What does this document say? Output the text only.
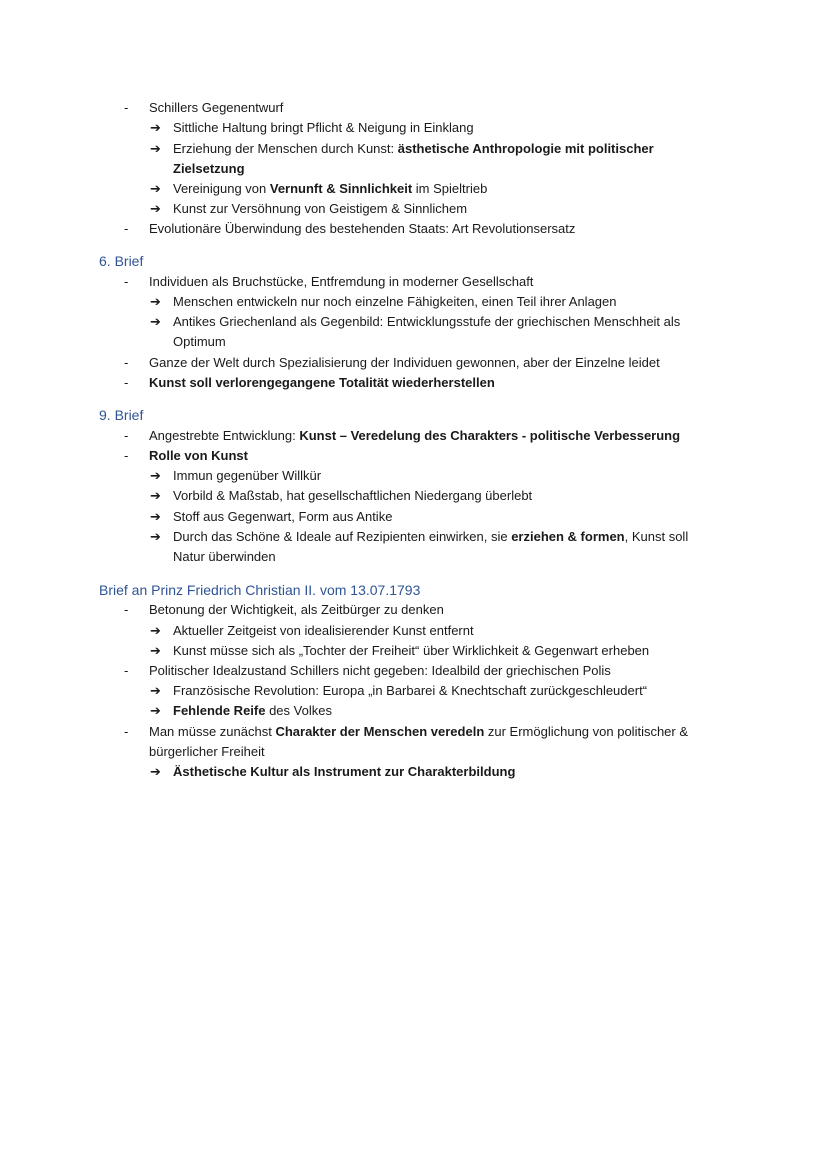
- Schillers Gegenentwurf
➔ Sittliche Haltung bringt Pflicht & Neigung in Einklang
➔ Erziehung der Menschen durch Kunst: ästhetische Anthropologie mit politischer
Zielsetzung
➔ Vereinigung von Vernunft & Sinnlichkeit im Spieltrieb
➔ Kunst zur Versöhnung von Geistigem & Sinnlichem
- Evolutionäre Überwindung des bestehenden Staats: Art Revolutionsersatz
6. Brief
- Individuen als Bruchstücke, Entfremdung in moderner Gesellschaft
➔ Menschen entwickeln nur noch einzelne Fähigkeiten, einen Teil ihrer Anlagen
➔ Antikes Griechenland als Gegenbild: Entwicklungsstufe der griechischen Menschheit als
Optimum
- Ganze der Welt durch Spezialisierung der Individuen gewonnen, aber der Einzelne leidet
- Kunst soll verlorengegangene Totalität wiederherstellen
9. Brief
- Angestrebte Entwicklung: Kunst – Veredelung des Charakters - politische Verbesserung
- Rolle von Kunst
➔ Immun gegenüber Willkür
➔ Vorbild & Maßstab, hat gesellschaftlichen Niedergang überlebt
➔ Stoff aus Gegenwart, Form aus Antike
➔ Durch das Schöne & Ideale auf Rezipienten einwirken, sie erziehen & formen, Kunst soll
Natur überwinden
Brief an Prinz Friedrich Christian II. vom 13.07.1793
- Betonung der Wichtigkeit, als Zeitbürger zu denken
➔ Aktueller Zeitgeist von idealisierender Kunst entfernt
➔ Kunst müsse sich als „Tochter der Freiheit“ über Wirklichkeit & Gegenwart erheben
- Politischer Idealzustand Schillers nicht gegeben: Idealbild der griechischen Polis
➔ Französische Revolution: Europa „in Barbarei & Knechtschaft zurückgeschleudert“
➔ Fehlende Reife des Volkes
- Man müsse zunächst Charakter der Menschen veredeln zur Ermöglichung von politischer &
bürgerlicher Freiheit
➔ Ästhetische Kultur als Instrument zur Charakterbildung
